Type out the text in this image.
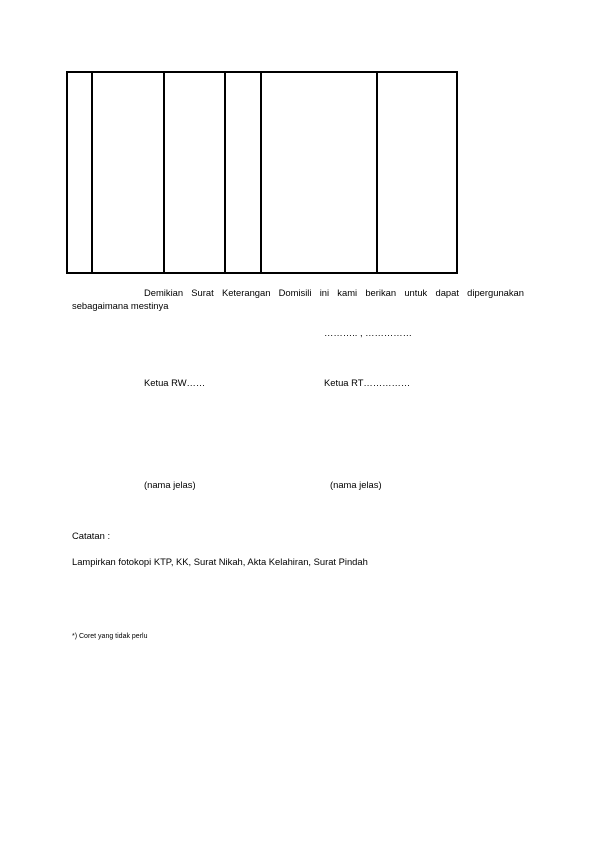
Demikian Surat Keterangan Domisili ini kami berikan untuk dapat dipergunakan
sebagaimana mestinya
……….. , ……………
Ketua RW……	Ketua RT……………
(nama jelas)	(nama jelas)
Catatan :
Lampirkan fotokopi KTP, KK, Surat Nikah, Akta Kelahiran, Surat Pindah
*) Coret yang tidak perlu
